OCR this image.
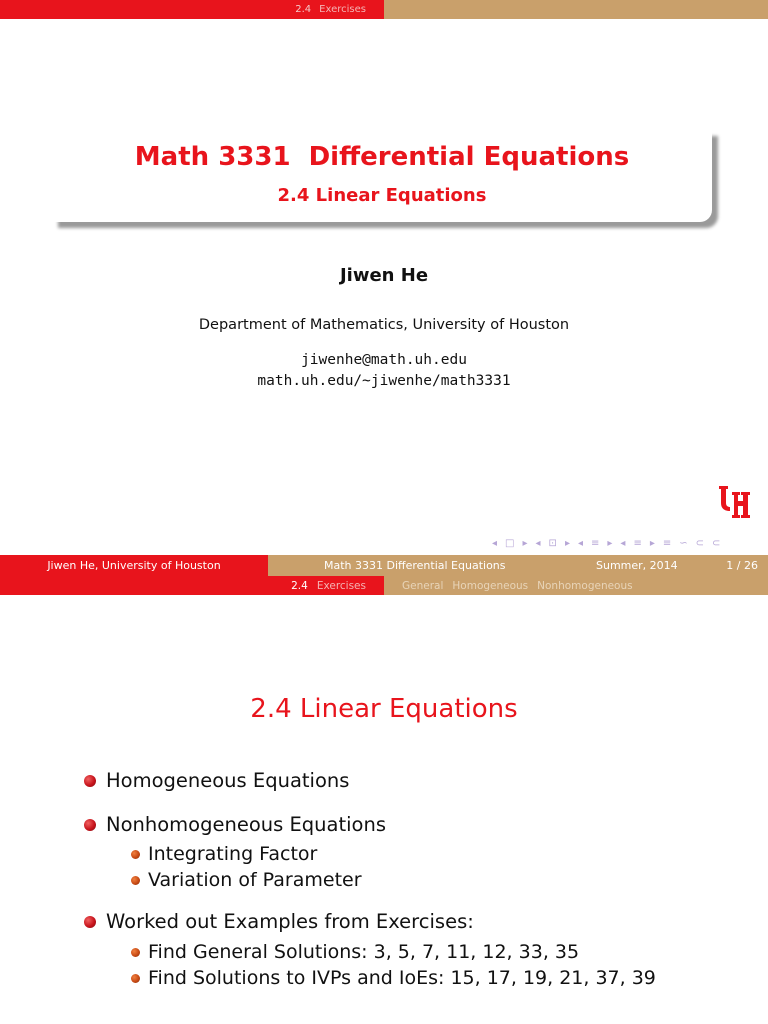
2.4 Exercises
Math 3331 Differential Equations
2.4 Linear Equations
Jiwen He
Department of Mathematics, University of Houston
jiwenhe@math.uh.edu
math.uh.edu/∼jiwenhe/math3331
◂ □ ▸ ◂ ⊡ ▸ ◂ ≡ ▸ ◂ ≡ ▸ ≡ ∽ ⊂ ⊂
Jiwen He, University of Houston	Math 3331 Differential Equations	Summer, 2014	1 / 26
2.4 Exercises	General Homogeneous Nonhomogeneous
2.4 Linear Equations
Homogeneous Equations
Nonhomogeneous Equations
Integrating Factor
Variation of Parameter
Worked out Examples from Exercises:
Find General Solutions: 3, 5, 7, 11, 12, 33, 35
Find Solutions to IVPs and IoEs: 15, 17, 19, 21, 37, 39
